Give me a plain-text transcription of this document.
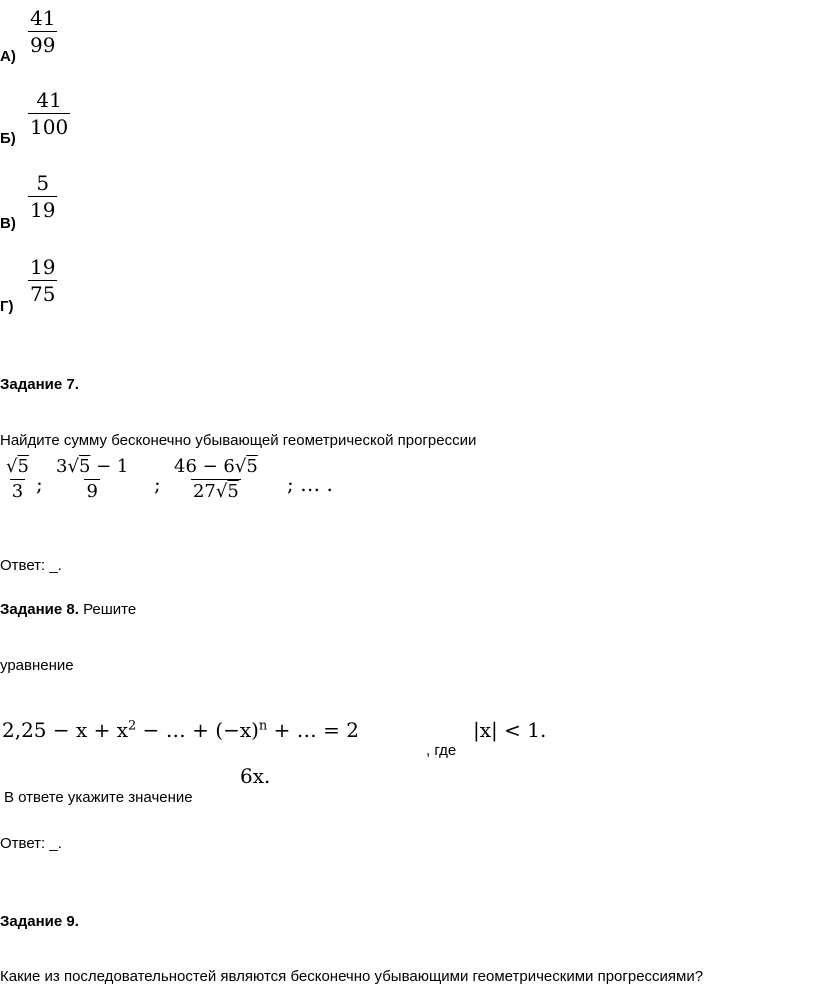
А)
$\frac{41}{99}$
Б)
$\frac{41}{100}$
В)
$\frac{5}{19}$
Г)
$\frac{19}{75}$
Задание 7.
Найдите сумму бесконечно убывающей геометрической прогрессии
$\frac{√5}{3}$ ; $\frac{3√5 - 1}{9}$ ; $\frac{46 - 6√5}{27√5}$ ; … .
Ответ: _.
Задание 8. Решите
уравнение
$2,25 - x + x^2$ − … + $(-x)^n$ + … = 2
, где
|x| < 1.
6x.
В ответе укажите значение
Ответ: _.
Задание 9.
Какие из последовательностей являются бесконечно убывающими геометрическими прогрессиями?
